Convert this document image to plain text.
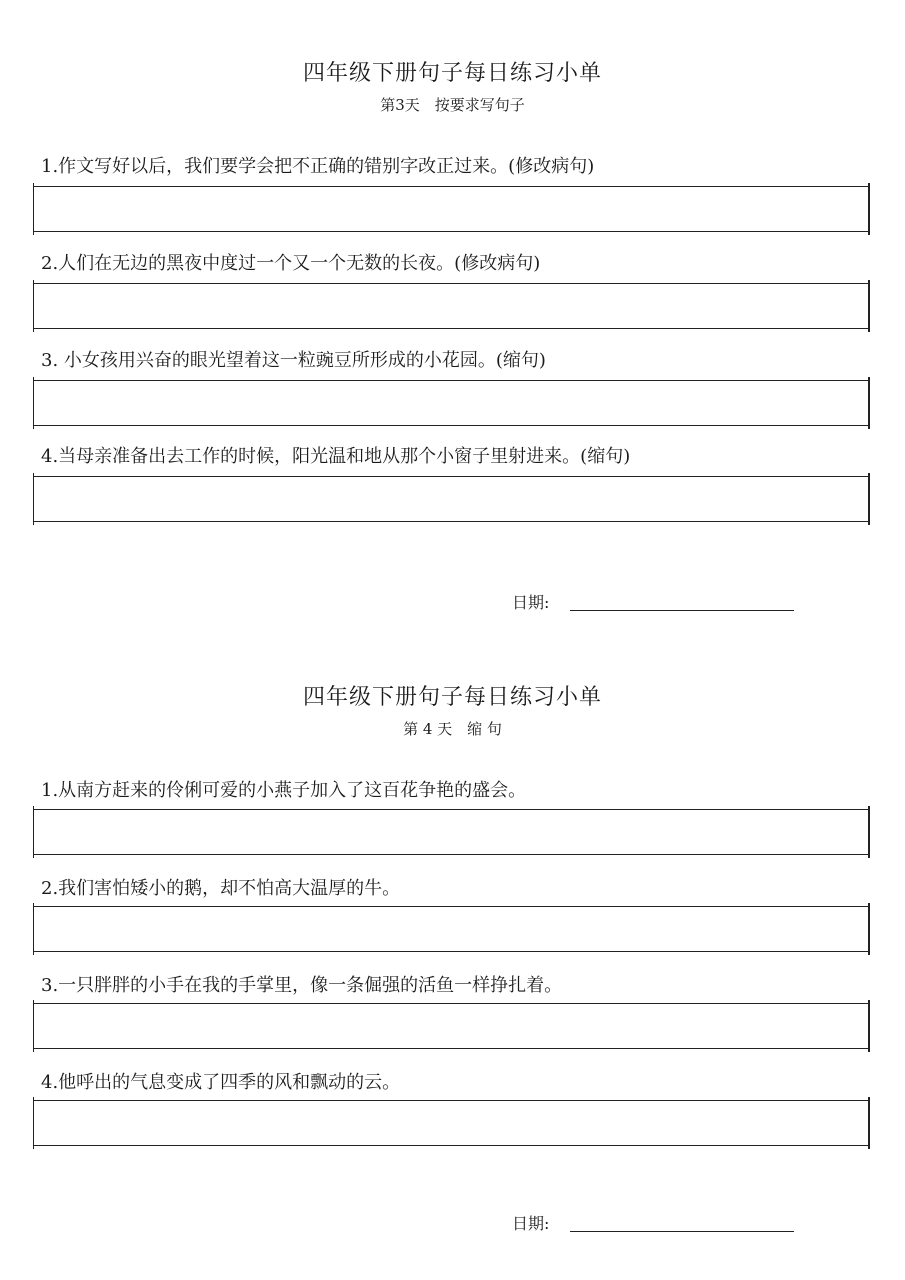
四年级下册句子每日练习小单
第3天　按要求写句子
1.作文写好以后，我们要学会把不正确的错别字改正过来。(修改病句)
2.人们在无边的黑夜中度过一个又一个无数的长夜。(修改病句)
3. 小女孩用兴奋的眼光望着这一粒豌豆所形成的小花园。(缩句)
4.当母亲准备出去工作的时候，阳光温和地从那个小窗子里射进来。(缩句)
日期:
四年级下册句子每日练习小单
第 4 天　缩 句
1.从南方赶来的伶俐可爱的小燕子加入了这百花争艳的盛会。
2.我们害怕矮小的鹅，却不怕高大温厚的牛。
3.一只胖胖的小手在我的手掌里，像一条倔强的活鱼一样挣扎着。
4.他呼出的气息变成了四季的风和飘动的云。
日期:
